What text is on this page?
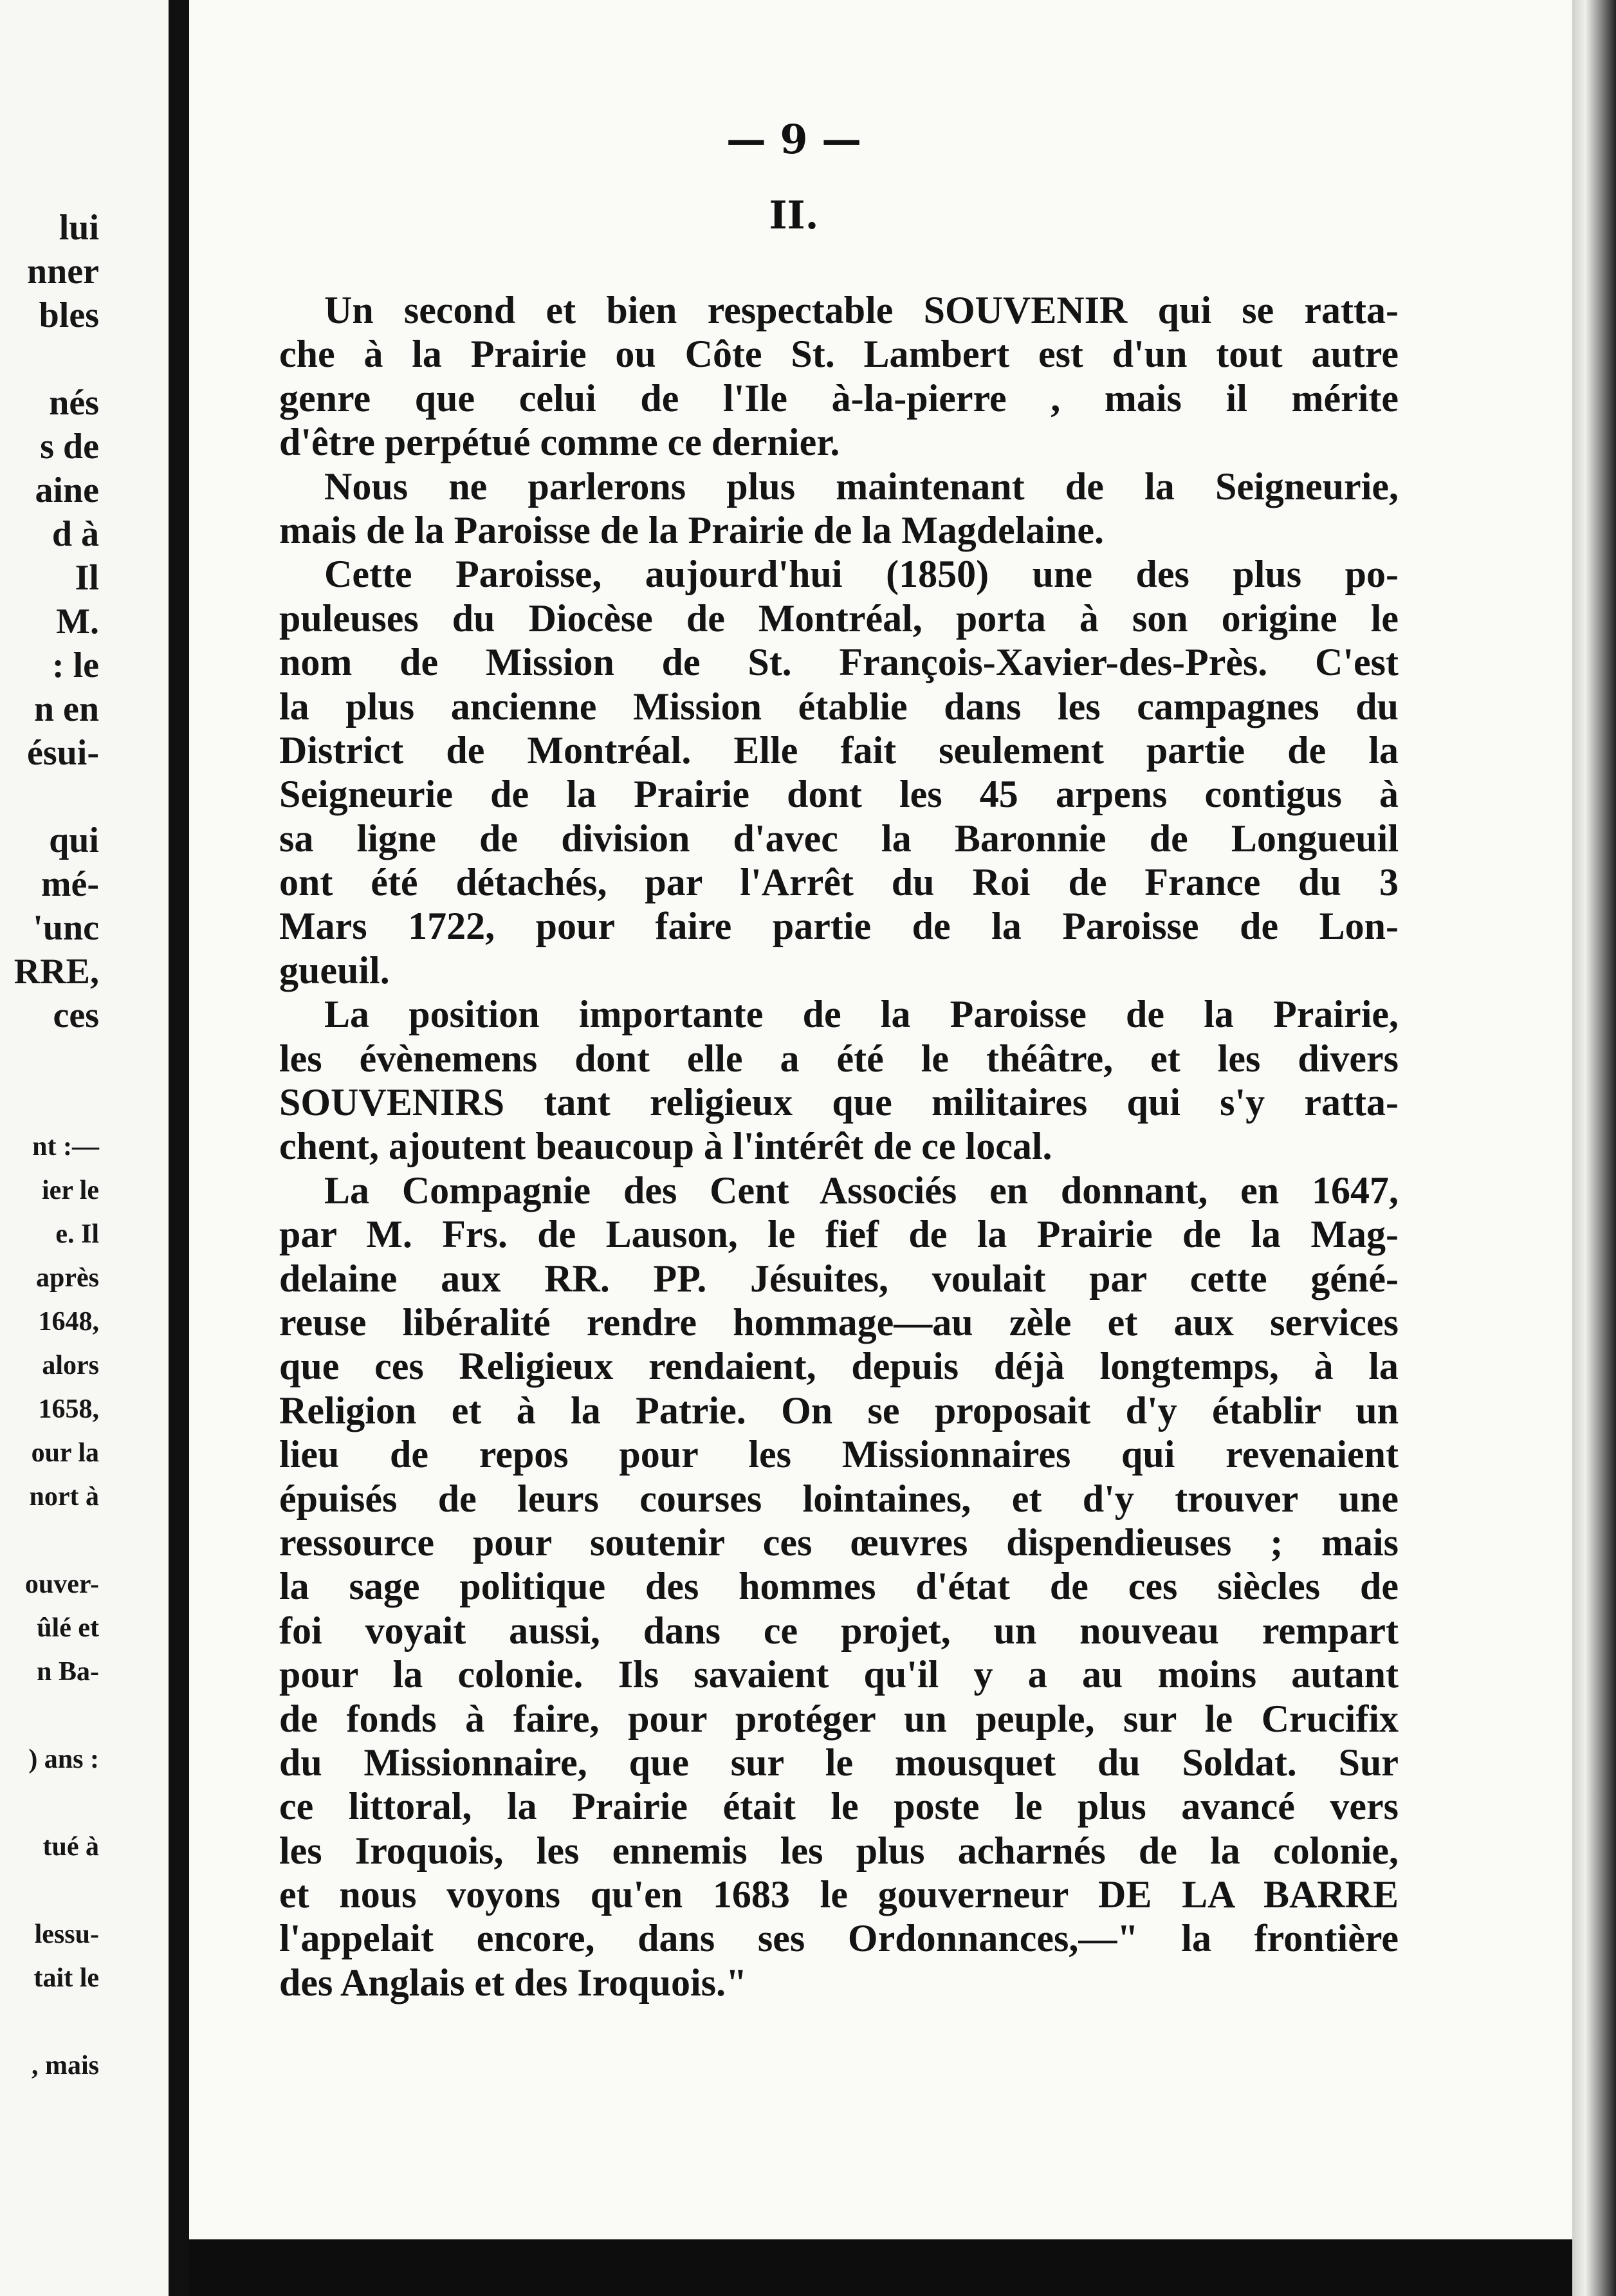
lui
nner
bles
nés
s de
aine
d à
Il
M.
: le
n en
ésui-
qui
mé-
'unc
RRE,
ces
nt :—
ier le
e. Il
après
1648,
alors
1658,
our la
nort à
ouver-
ûlé et
n Ba-
) ans :
tué à
lessu-
tait le
, mais
— 9 —
II.
Un second et bien respectable SOUVENIR qui se ratta-
che à la Prairie ou Côte St. Lambert est d'un tout autre
genre que celui de l'Ile à-la-pierre , mais il mérite
d'être perpétué comme ce dernier.
Nous ne parlerons plus maintenant de la Seigneurie,
mais de la Paroisse de la Prairie de la Magdelaine.
Cette Paroisse, aujourd'hui (1850) une des plus po-
puleuses du Diocèse de Montréal, porta à son origine le
nom de Mission de St. François-Xavier-des-Près. C'est
la plus ancienne Mission établie dans les campagnes du
District de Montréal. Elle fait seulement partie de la
Seigneurie de la Prairie dont les 45 arpens contigus à
sa ligne de division d'avec la Baronnie de Longueuil
ont été détachés, par l'Arrêt du Roi de France du 3
Mars 1722, pour faire partie de la Paroisse de Lon-
gueuil.
La position importante de la Paroisse de la Prairie,
les évènemens dont elle a été le théâtre, et les divers
SOUVENIRS tant religieux que militaires qui s'y ratta-
chent, ajoutent beaucoup à l'intérêt de ce local.
La Compagnie des Cent Associés en donnant, en 1647,
par M. Frs. de Lauson, le fief de la Prairie de la Mag-
delaine aux RR. PP. Jésuites, voulait par cette géné-
reuse libéralité rendre hommage—au zèle et aux services
que ces Religieux rendaient, depuis déjà longtemps, à la
Religion et à la Patrie. On se proposait d'y établir un
lieu de repos pour les Missionnaires qui revenaient
épuisés de leurs courses lointaines, et d'y trouver une
ressource pour soutenir ces œuvres dispendieuses ; mais
la sage politique des hommes d'état de ces siècles de
foi voyait aussi, dans ce projet, un nouveau rempart
pour la colonie. Ils savaient qu'il y a au moins autant
de fonds à faire, pour protéger un peuple, sur le Crucifix
du Missionnaire, que sur le mousquet du Soldat. Sur
ce littoral, la Prairie était le poste le plus avancé vers
les Iroquois, les ennemis les plus acharnés de la colonie,
et nous voyons qu'en 1683 le gouverneur DE LA BARRE
l'appelait encore, dans ses Ordonnances,—" la frontière
des Anglais et des Iroquois."
